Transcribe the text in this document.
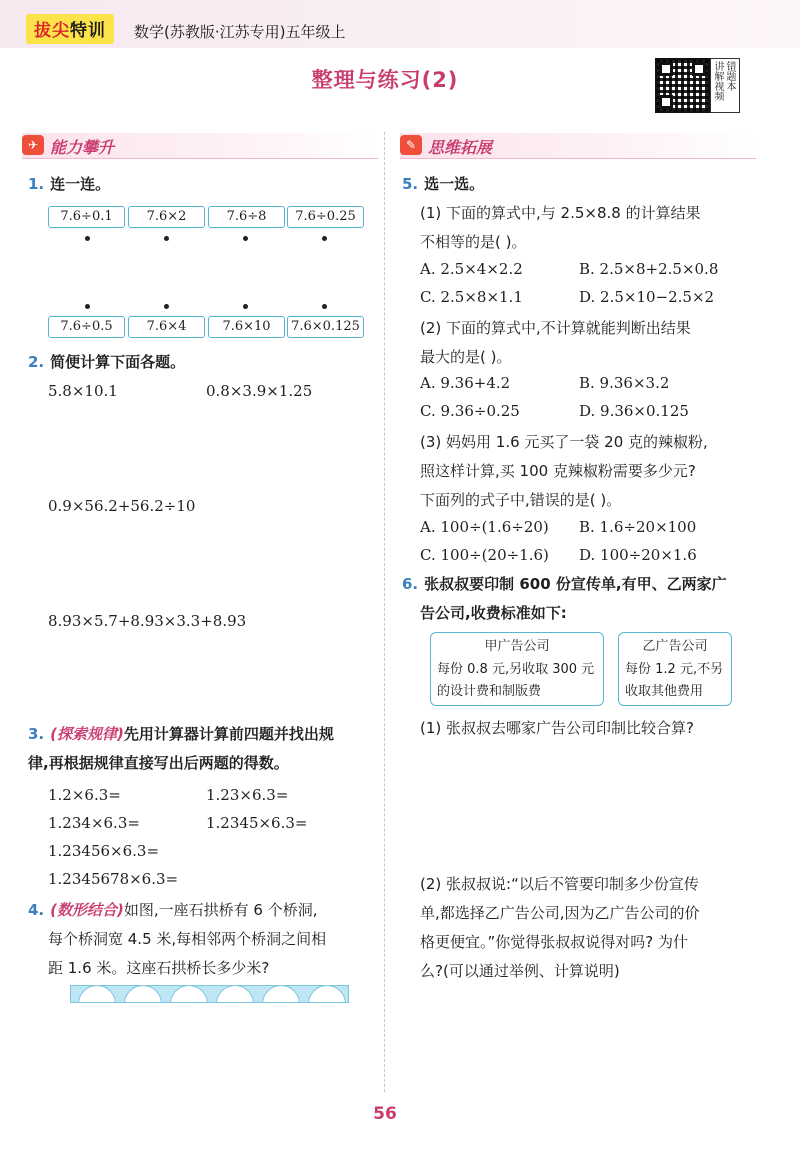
拔尖特训	数学(苏教版·江苏专用)五年级上
整理与练习(2)	讲解视频 错题本
✈ 能力攀升
1. 连一连。
7.6÷0.1	7.6×2	7.6÷8	7.6÷0.25
7.6÷0.5	7.6×4	7.6×10	7.6×0.125
2. 简便计算下面各题。
5.8×10.1	0.8×3.9×1.25
0.9×56.2+56.2÷10
8.93×5.7+8.93×3.3+8.93
3. (探索规律)先用计算器计算前四题并找出规
律,再根据规律直接写出后两题的得数。
1.2×6.3=	1.23×6.3=
1.234×6.3=	1.2345×6.3=
1.23456×6.3=
1.2345678×6.3=
4. (数形结合)如图,一座石拱桥有 6 个桥洞,
每个桥洞宽 4.5 米,每相邻两个桥洞之间相
距 1.6 米。这座石拱桥长多少米?
✎ 思维拓展
5. 选一选。
(1) 下面的算式中,与 2.5×8.8 的计算结果
不相等的是( )。
A. 2.5×4×2.2	B. 2.5×8+2.5×0.8
C. 2.5×8×1.1	D. 2.5×10−2.5×2
(2) 下面的算式中,不计算就能判断出结果
最大的是( )。
A. 9.36+4.2	B. 9.36×3.2
C. 9.36÷0.25	D. 9.36×0.125
(3) 妈妈用 1.6 元买了一袋 20 克的辣椒粉,
照这样计算,买 100 克辣椒粉需要多少元?
下面列的式子中,错误的是( )。
A. 100÷(1.6÷20) B. 1.6÷20×100
C. 100÷(20÷1.6) D. 100÷20×1.6
6. 张叔叔要印制 600 份宣传单,有甲、乙两家广
告公司,收费标准如下:
甲广告公司
每份 0.8 元,另收取 300 元
的设计费和制版费
乙广告公司
每份 1.2 元,不另
收取其他费用
(1) 张叔叔去哪家广告公司印制比较合算?
(2) 张叔叔说:“以后不管要印制多少份宣传
单,都选择乙广告公司,因为乙广告公司的价
格更便宜。”你觉得张叔叔说得对吗? 为什
么?(可以通过举例、计算说明)
56
